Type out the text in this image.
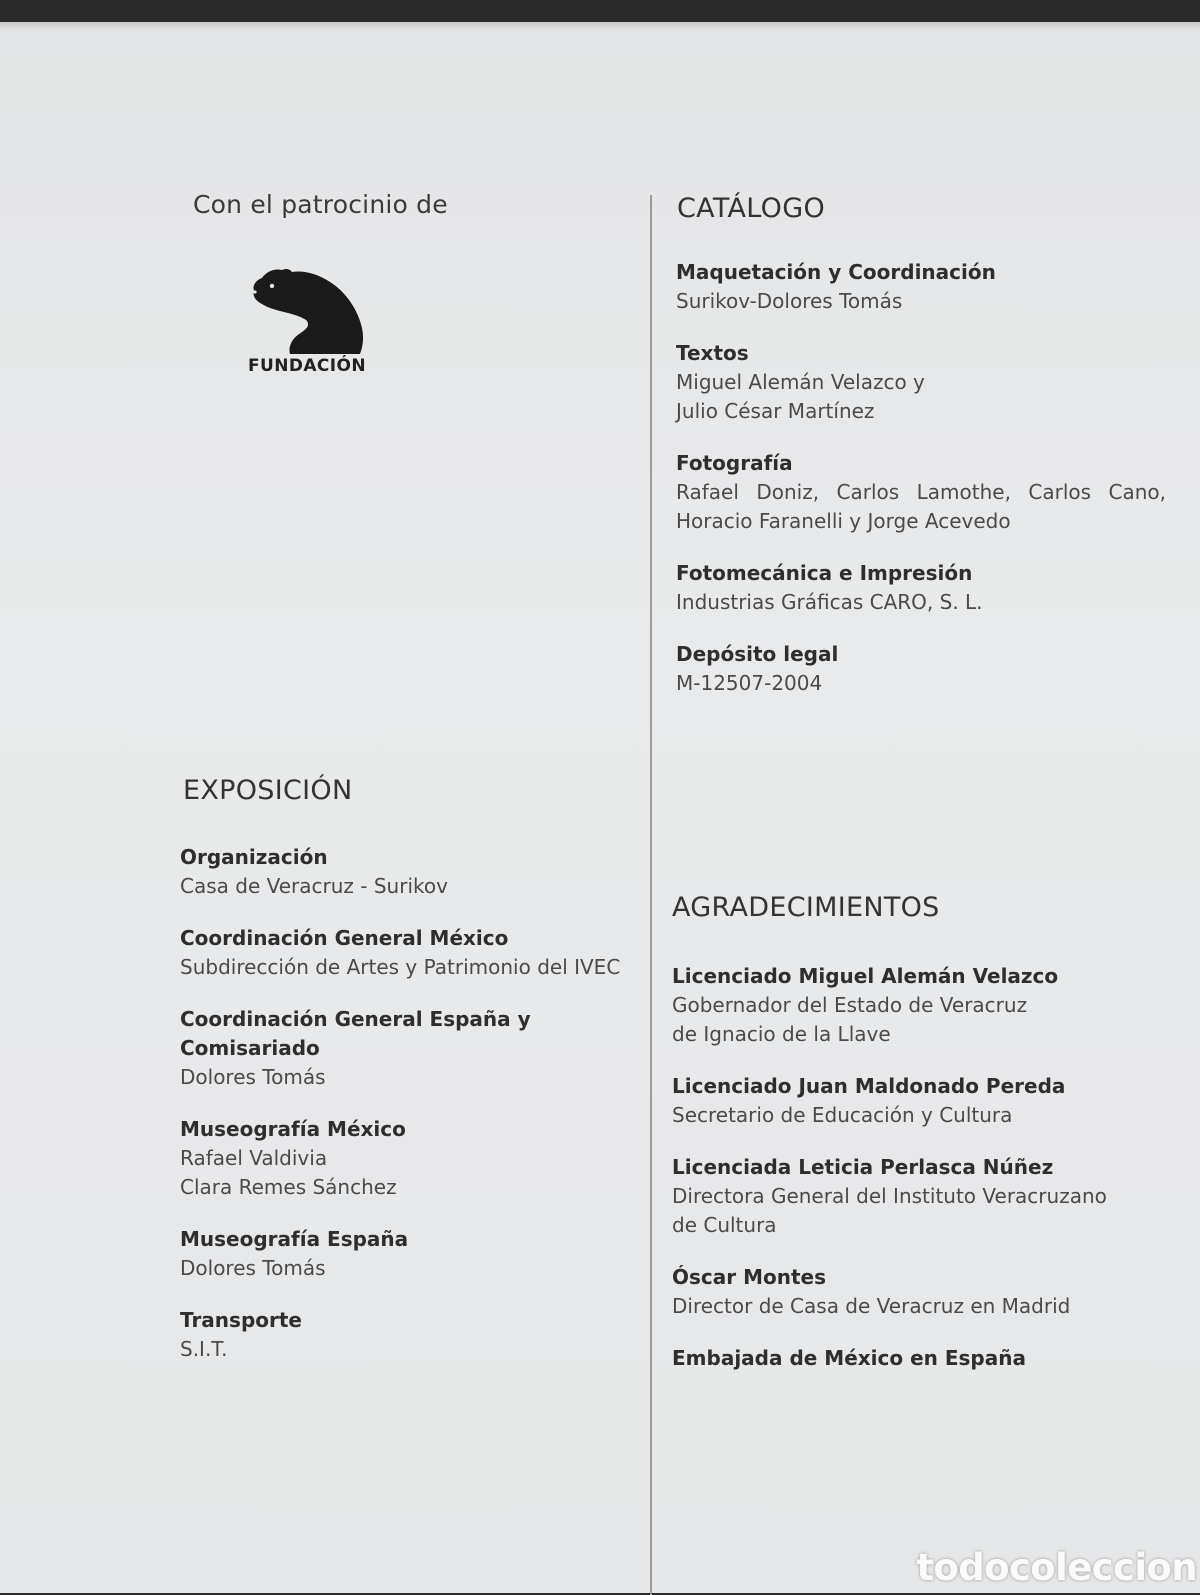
Con el patrocinio de
FUNDACIÓN
CATÁLOGO
Maquetación y Coordinación
Surikov-Dolores Tomás
Textos
Miguel Alemán Velazco y
Julio César Martínez
Fotografía
Rafael Doniz, Carlos Lamothe, Carlos Cano,
Horacio Faranelli y Jorge Acevedo
Fotomecánica e Impresión
Industrias Gráficas CARO, S. L.
Depósito legal
M-12507-2004
EXPOSICIÓN
Organización
Casa de Veracruz - Surikov
Coordinación General México
Subdirección de Artes y Patrimonio del IVEC
Coordinación General España y
Comisariado
Dolores Tomás
Museografía México
Rafael Valdivia
Clara Remes Sánchez
Museografía España
Dolores Tomás
Transporte
S.I.T.
AGRADECIMIENTOS
Licenciado Miguel Alemán Velazco
Gobernador del Estado de Veracruz
de Ignacio de la Llave
Licenciado Juan Maldonado Pereda
Secretario de Educación y Cultura
Licenciada Leticia Perlasca Núñez
Directora General del Instituto Veracruzano
de Cultura
Óscar Montes
Director de Casa de Veracruz en Madrid
Embajada de México en España
todocoleccion
